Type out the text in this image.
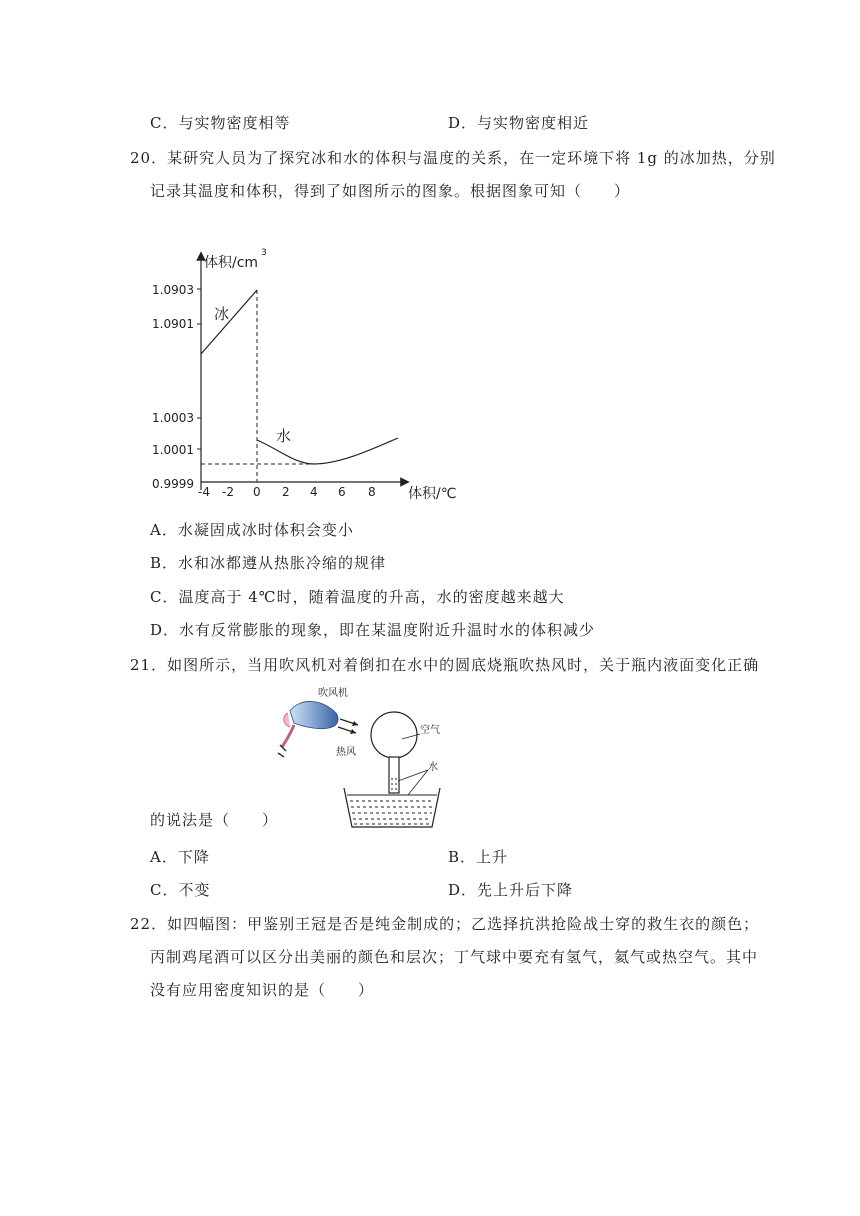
C．与实物密度相等	D．与实物密度相近
20．某研究人员为了探究冰和水的体积与温度的关系，在一定环境下将 1g 的冰加热，分别
记录其温度和体积，得到了如图所示的图象。根据图象可知（　　）
体积/cm
3
体积/℃
1.0903
1.0901
1.0003
1.0001
0.9999
-4 -2 0 2 4 6 8
冰
水
A．水凝固成冰时体积会变小
B．水和冰都遵从热胀冷缩的规律
C．温度高于 4℃时，随着温度的升高，水的密度越来越大
D．水有反常膨胀的现象，即在某温度附近升温时水的体积减少
21．如图所示，当用吹风机对着倒扣在水中的圆底烧瓶吹热风时，关于瓶内液面变化正确
吹风机
热风
空气
水
的说法是（　　）
A．下降	B．上升
C．不变	D．先上升后下降
22．如四幅图：甲鉴别王冠是否是纯金制成的；乙选择抗洪抢险战士穿的救生衣的颜色；
丙制鸡尾酒可以区分出美丽的颜色和层次；丁气球中要充有氢气，氦气或热空气。其中
没有应用密度知识的是（　　）
